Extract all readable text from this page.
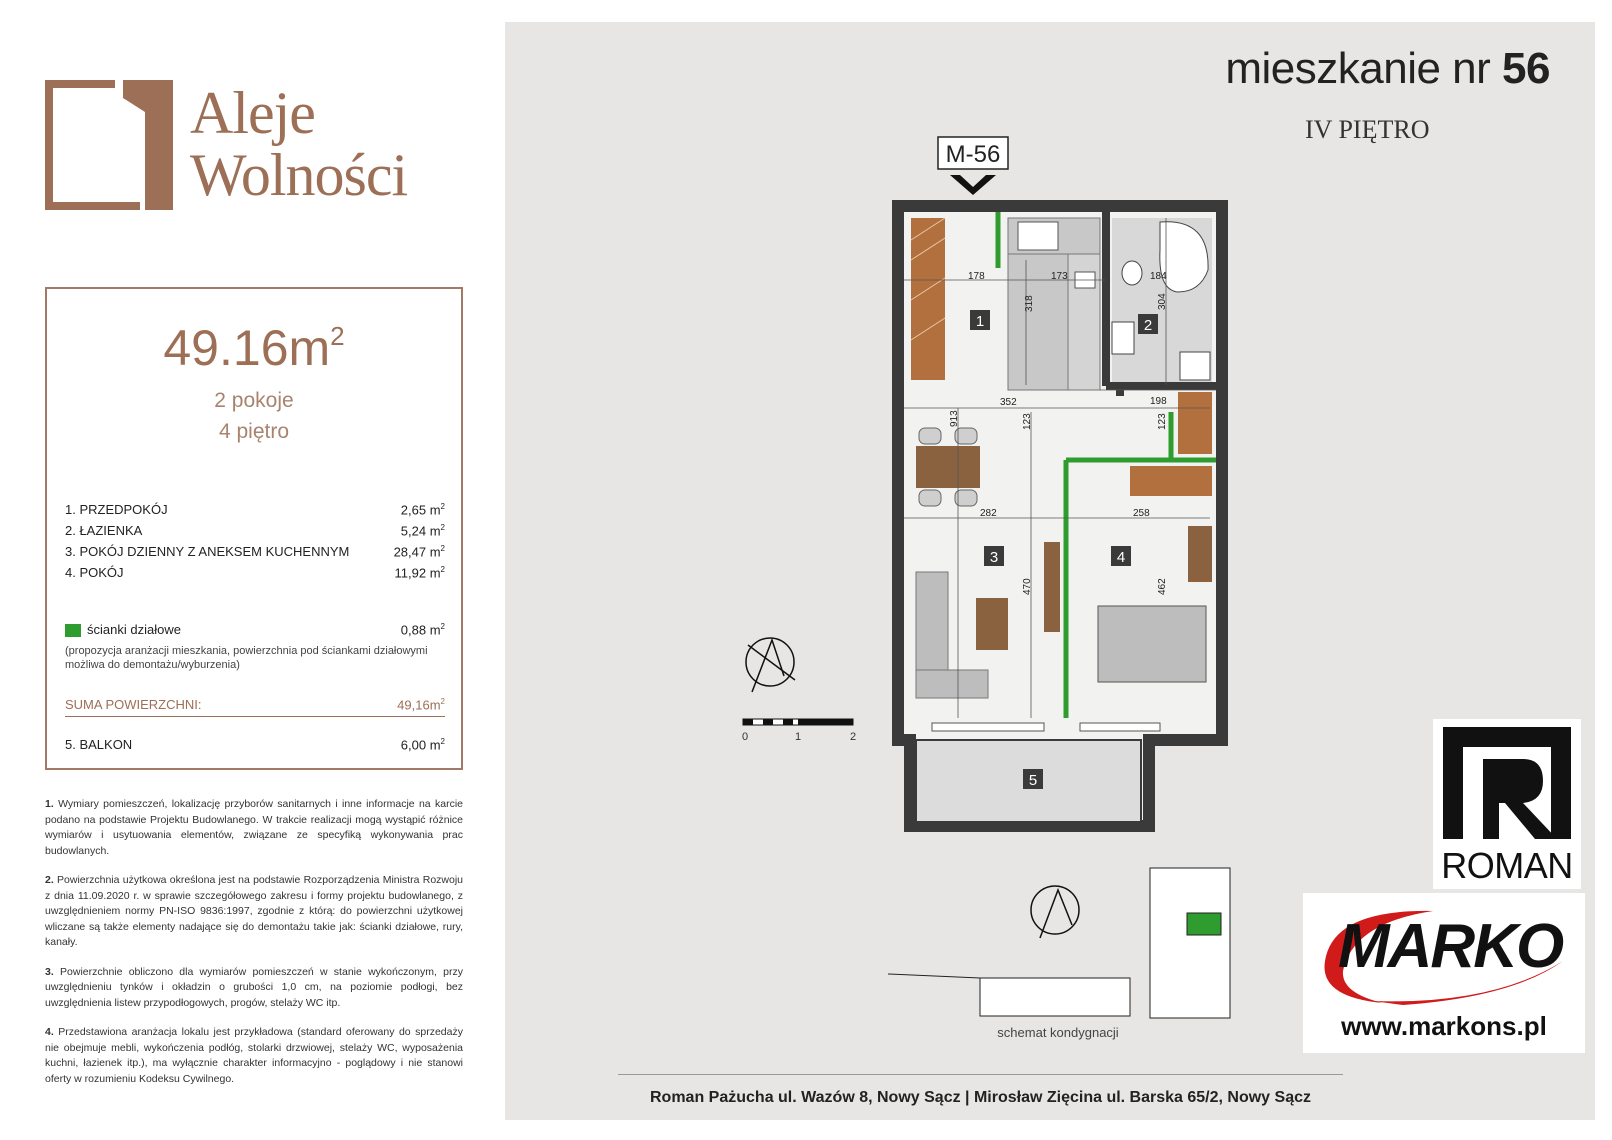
Aleje
Wolności
$49.16m^2$
2 pokoje
4 piętro
1. PRZEDPOKÓJ	2,65 $m^2$
2. ŁAZIENKA	5,24 $m^2$
3. POKÓJ DZIENNY Z ANEKSEM KUCHENNYM	28,47 $m^2$
4. POKÓJ	11,92 $m^2$
ścianki działowe	0,88 $m^2$
(propozycja aranżacji mieszkania, powierzchnia pod ściankami działowymi możliwa do demontażu/wyburzenia)
SUMA POWIERZCHNI:	$49,16m^2$
5. BALKON	6,00 $m^2$

1. Wymiary pomieszczeń, lokalizację przyborów sanitarnych i inne informacje na karcie podano na podstawie Projektu Budowlanego. W trakcie realizacji mogą wystąpić różnice wymiarów i usytuowania elementów, związane ze specyfiką wykonywania prac budowlanych.

2. Powierzchnia użytkowa określona jest na podstawie Rozporządzenia Ministra Rozwoju z dnia 11.09.2020 r. w sprawie szczegółowego zakresu i formy projektu budowlanego, z uwzględnieniem normy PN-ISO 9836:1997, zgodnie z którą: do powierzchni użytkowej wliczane są także elementy nadające się do demontażu takie jak: ścianki działowe, rury, kanały.

3. Powierzchnie obliczono dla wymiarów pomieszczeń w stanie wykończonym, przy uwzględnieniu tynków i okładzin o grubości 1,0 cm, na poziomie podłogi, bez uwzględnienia listew przypodłogowych, progów, stelaży WC itp.

4. Przedstawiona aranżacja lokalu jest przykładowa (standard oferowany do sprzedaży nie obejmuje mebli, wykończenia podłóg, stolarki drzwiowej, stelaży WC, wyposażenia kuchni, łazienek itp.), ma wyłącznie charakter informacyjno - poglądowy i nie stanowi oferty w rozumieniu Kodeksu Cywilnego.

mieszkanie nr 56
IV PIĘTRO
M-56
178	173	184
318	304
352	198
913	123	123
282	258
470	462
1	2
3	4
5
0	1	2
schemat kondygnacji
ROMAN
MARKO
www.markons.pl
Roman Pażucha ul. Wazów 8, Nowy Sącz | Mirosław Zięcina ul. Barska 65/2, Nowy Sącz
